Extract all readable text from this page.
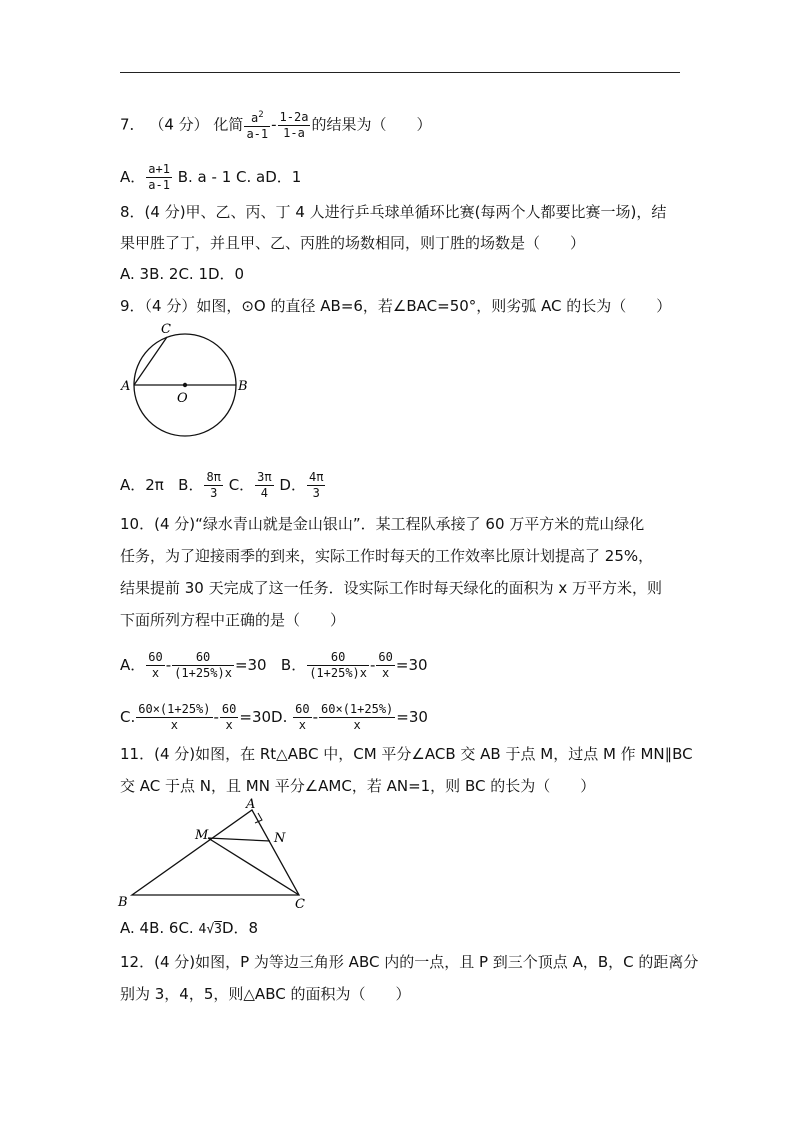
7． （4 分） 化简 $\frac{a^2}{a-1} - \frac{1-2a}{1-a}$ 的结果为（　　）
A． $\frac{a+1}{a-1} B$. a - 1 C. aD．1
8．(4 分)甲、乙、丙、丁 4 人进行乒乓球单循环比赛(每两个人都要比赛一场)，结
果甲胜了丁，并且甲、乙、丙胜的场数相同，则丁胜的场数是（　　）
A. 3B. 2C. 1D．0
9．（4 分）如图，⊙O 的直径 AB=6，若∠BAC=50°，则劣弧 AC 的长为（　　）
A	B
C
O
A．2π B． $\frac{8\pi}{3}$ C． $\frac{3\pi}{4}$ D． $\frac{4\pi}{3}$
10．(4 分)“绿水青山就是金山银山”．某工程队承接了 60 万平方米的荒山绿化
任务，为了迎接雨季的到来，实际工作时每天的工作效率比原计划提高了 25%，
结果提前 30 天完成了这一任务．设实际工作时每天绿化的面积为 x 万平方米，则
下面所列方程中正确的是（　　）
A． $\frac{60}{x} - \frac{60}{(1+25\%)x} =30$ B． $\frac{60}{(1+25\%)x} - \frac{60}{x} =30$
C. $\frac{60\times(1+25\%)}{x} - \frac{60}{x} =30D$. $\frac{60}{x} - \frac{60\times(1+25\%)}{x} =30$
11．(4 分)如图，在 Rt△ABC 中，CM 平分∠ACB 交 AB 于点 M，过点 M 作 MN∥BC
交 AC 于点 N，且 MN 平分∠AMC，若 AN=1，则 BC 的长为（　　）
A
B	C
M	N
A. 4B. 6C. 4√3D．8
12．(4 分)如图，P 为等边三角形 ABC 内的一点，且 P 到三个顶点 A，B，C 的距离分
别为 3，4，5，则△ABC 的面积为（　　）
